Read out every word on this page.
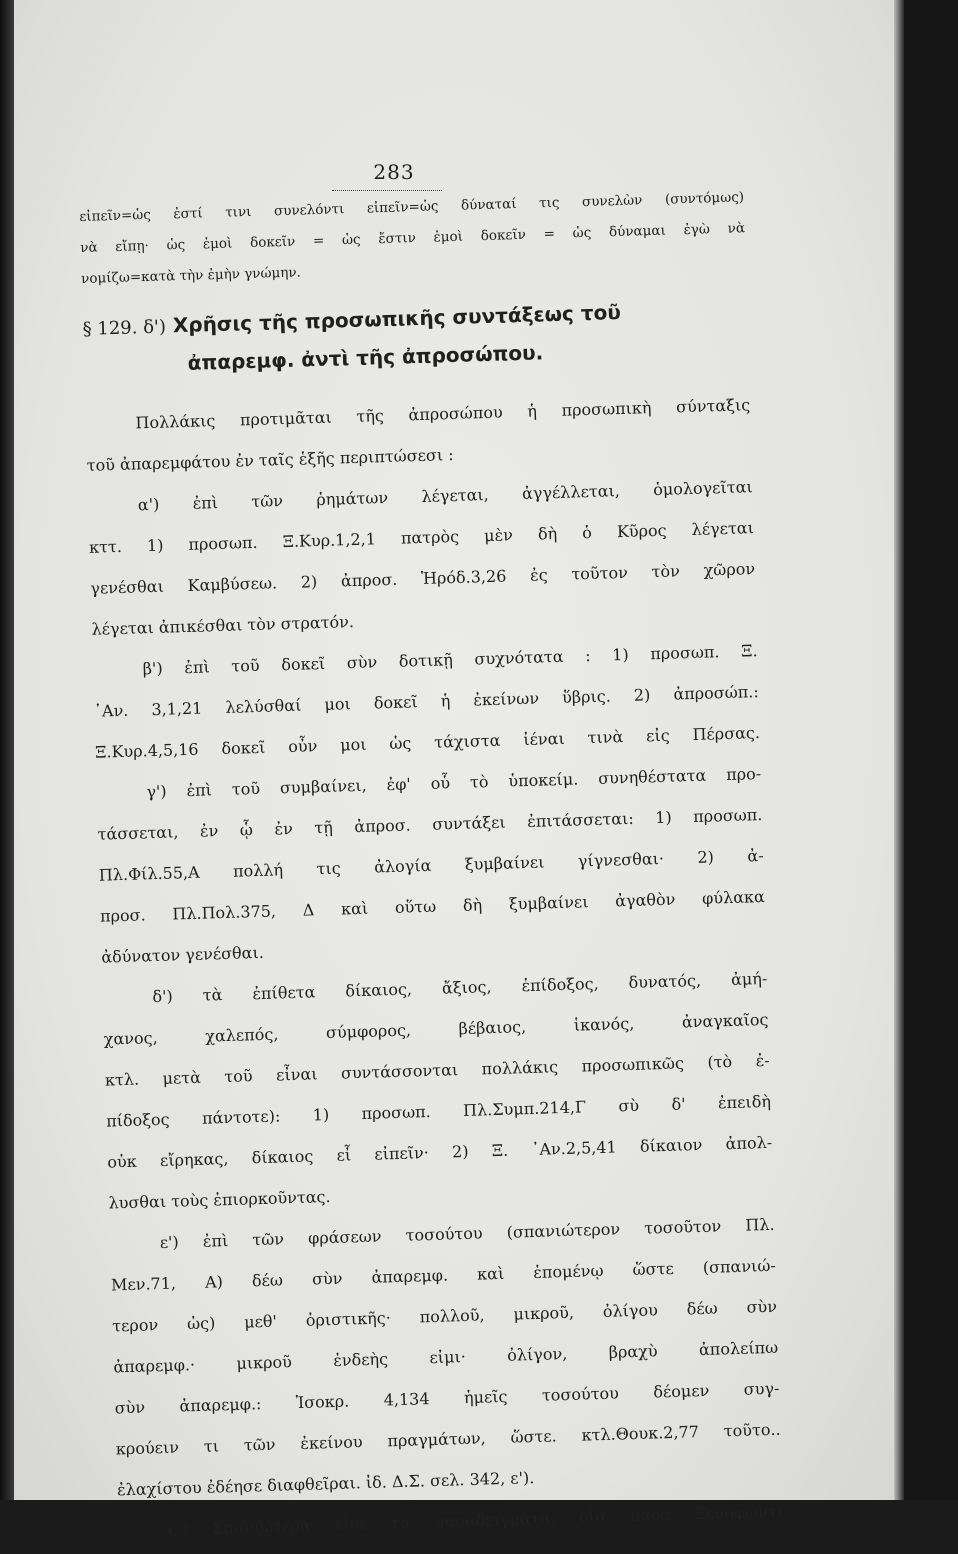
283
εἰπεῖν=ὡς ἐστί τινι συνελόντι εἰπεῖν=ὡς δύναταί τις συνελὼν (συντόμως)
νὰ εἴπῃ· ὡς ἐμοὶ δοκεῖν = ὡς ἔστιν ἐμοὶ δοκεῖν = ὡς δύναμαι ἐγὼ νὰ
νομίζω=κατὰ τὴν ἐμὴν γνώμην.
§ 129. δ') Χρῆσις τῆς προσωπικῆς συντάξεως τοῦ
ἀπαρεμφ. ἀντὶ τῆς ἀπροσώπου.
Πολλάκις προτιμᾶται τῆς ἀπροσώπου ἡ προσωπικὴ σύνταξις
τοῦ ἀπαρεμφάτου ἐν ταῖς ἑξῆς περιπτώσεσι :
α') ἐπὶ τῶν ῥημάτων λέγεται, ἀγγέλλεται, ὁμολογεῖται
κττ. 1) προσωπ. Ξ.Κυρ.1,2,1 πατρὸς μὲν δὴ ὁ Κῦρος λέγεται
γενέσθαι Καμβύσεω. 2) ἀπροσ. Ἡρόδ.3,26 ἐς τοῦτον τὸν χῶρον
λέγεται ἀπικέσθαι τὸν στρατόν.
β') ἐπὶ τοῦ δοκεῖ σὺν δοτικῇ συχνότατα : 1) προσωπ. Ξ.
᾿Αν. 3,1,21 λελύσθαί μοι δοκεῖ ἡ ἐκείνων ὕβρις. 2) ἀπροσώπ.:
Ξ.Κυρ.4,5,16 δοκεῖ οὖν μοι ὡς τάχιστα ἰέναι τινὰ εἰς Πέρσας.
γ') ἐπὶ τοῦ συμβαίνει, ἐφ' οὗ τὸ ὑποκείμ. συνηθέστατα προ-
τάσσεται, ἐν ᾧ ἐν τῇ ἀπροσ. συντάξει ἐπιτάσσεται: 1) προσωπ.
Πλ.Φίλ.55,Α πολλή τις ἀλογία ξυμβαίνει γίγνεσθαι· 2) ἀ-
προσ. Πλ.Πολ.375, Δ καὶ οὕτω δὴ ξυμβαίνει ἀγαθὸν φύλακα
ἀδύνατον γενέσθαι.
δ') τὰ ἐπίθετα δίκαιος, ἄξιος, ἐπίδοξος, δυνατός, ἀμή-
χανος, χαλεπός, σύμφορος, βέβαιος, ἱκανός, ἀναγκαῖος
κτλ. μετὰ τοῦ εἶναι συντάσσονται πολλάκις προσωπικῶς (τὸ ἐ-
πίδοξος πάντοτε): 1) προσωπ. Πλ.Συμπ.214,Γ σὺ δ' ἐπειδὴ
οὐκ εἴρηκας, δίκαιος εἶ εἰπεῖν· 2) Ξ. ᾿Αν.2,5,41 δίκαιον ἀπολ-
λυσθαι τοὺς ἐπιορκοῦντας.
ε') ἐπὶ τῶν φράσεων τοσούτου (σπανιώτερον τοσοῦτον Πλ.
Μεν.71, Α) δέω σὺν ἀπαρεμφ. καὶ ἑπομένῳ ὥστε (σπανιώ-
τερον ὡς) μεθ' ὁριστικῆς· πολλοῦ, μικροῦ, ὀλίγου δέω σὺν
ἀπαρεμφ.· μικροῦ ἐνδεὴς εἰμι· ὀλίγον, βραχὺ ἀπολείπω
σὺν ἀπαρεμφ.: Ἰσοκρ. 4,134 ἡμεῖς τοσούτου δέομεν συγ-
κρούειν τι τῶν ἐκείνου πραγμάτων, ὥστε. κτλ.Θουκ.2,77 τοῦτο..
ἐλαχίστου ἐδέησε διαφθεῖραι. ἰδ. Δ.Σ. σελ. 342, ε').
ϛ') Σπανιώτερα εἶνε τὰ παραδείγματα, οἷα παρὰ Ξενοφῶντι
